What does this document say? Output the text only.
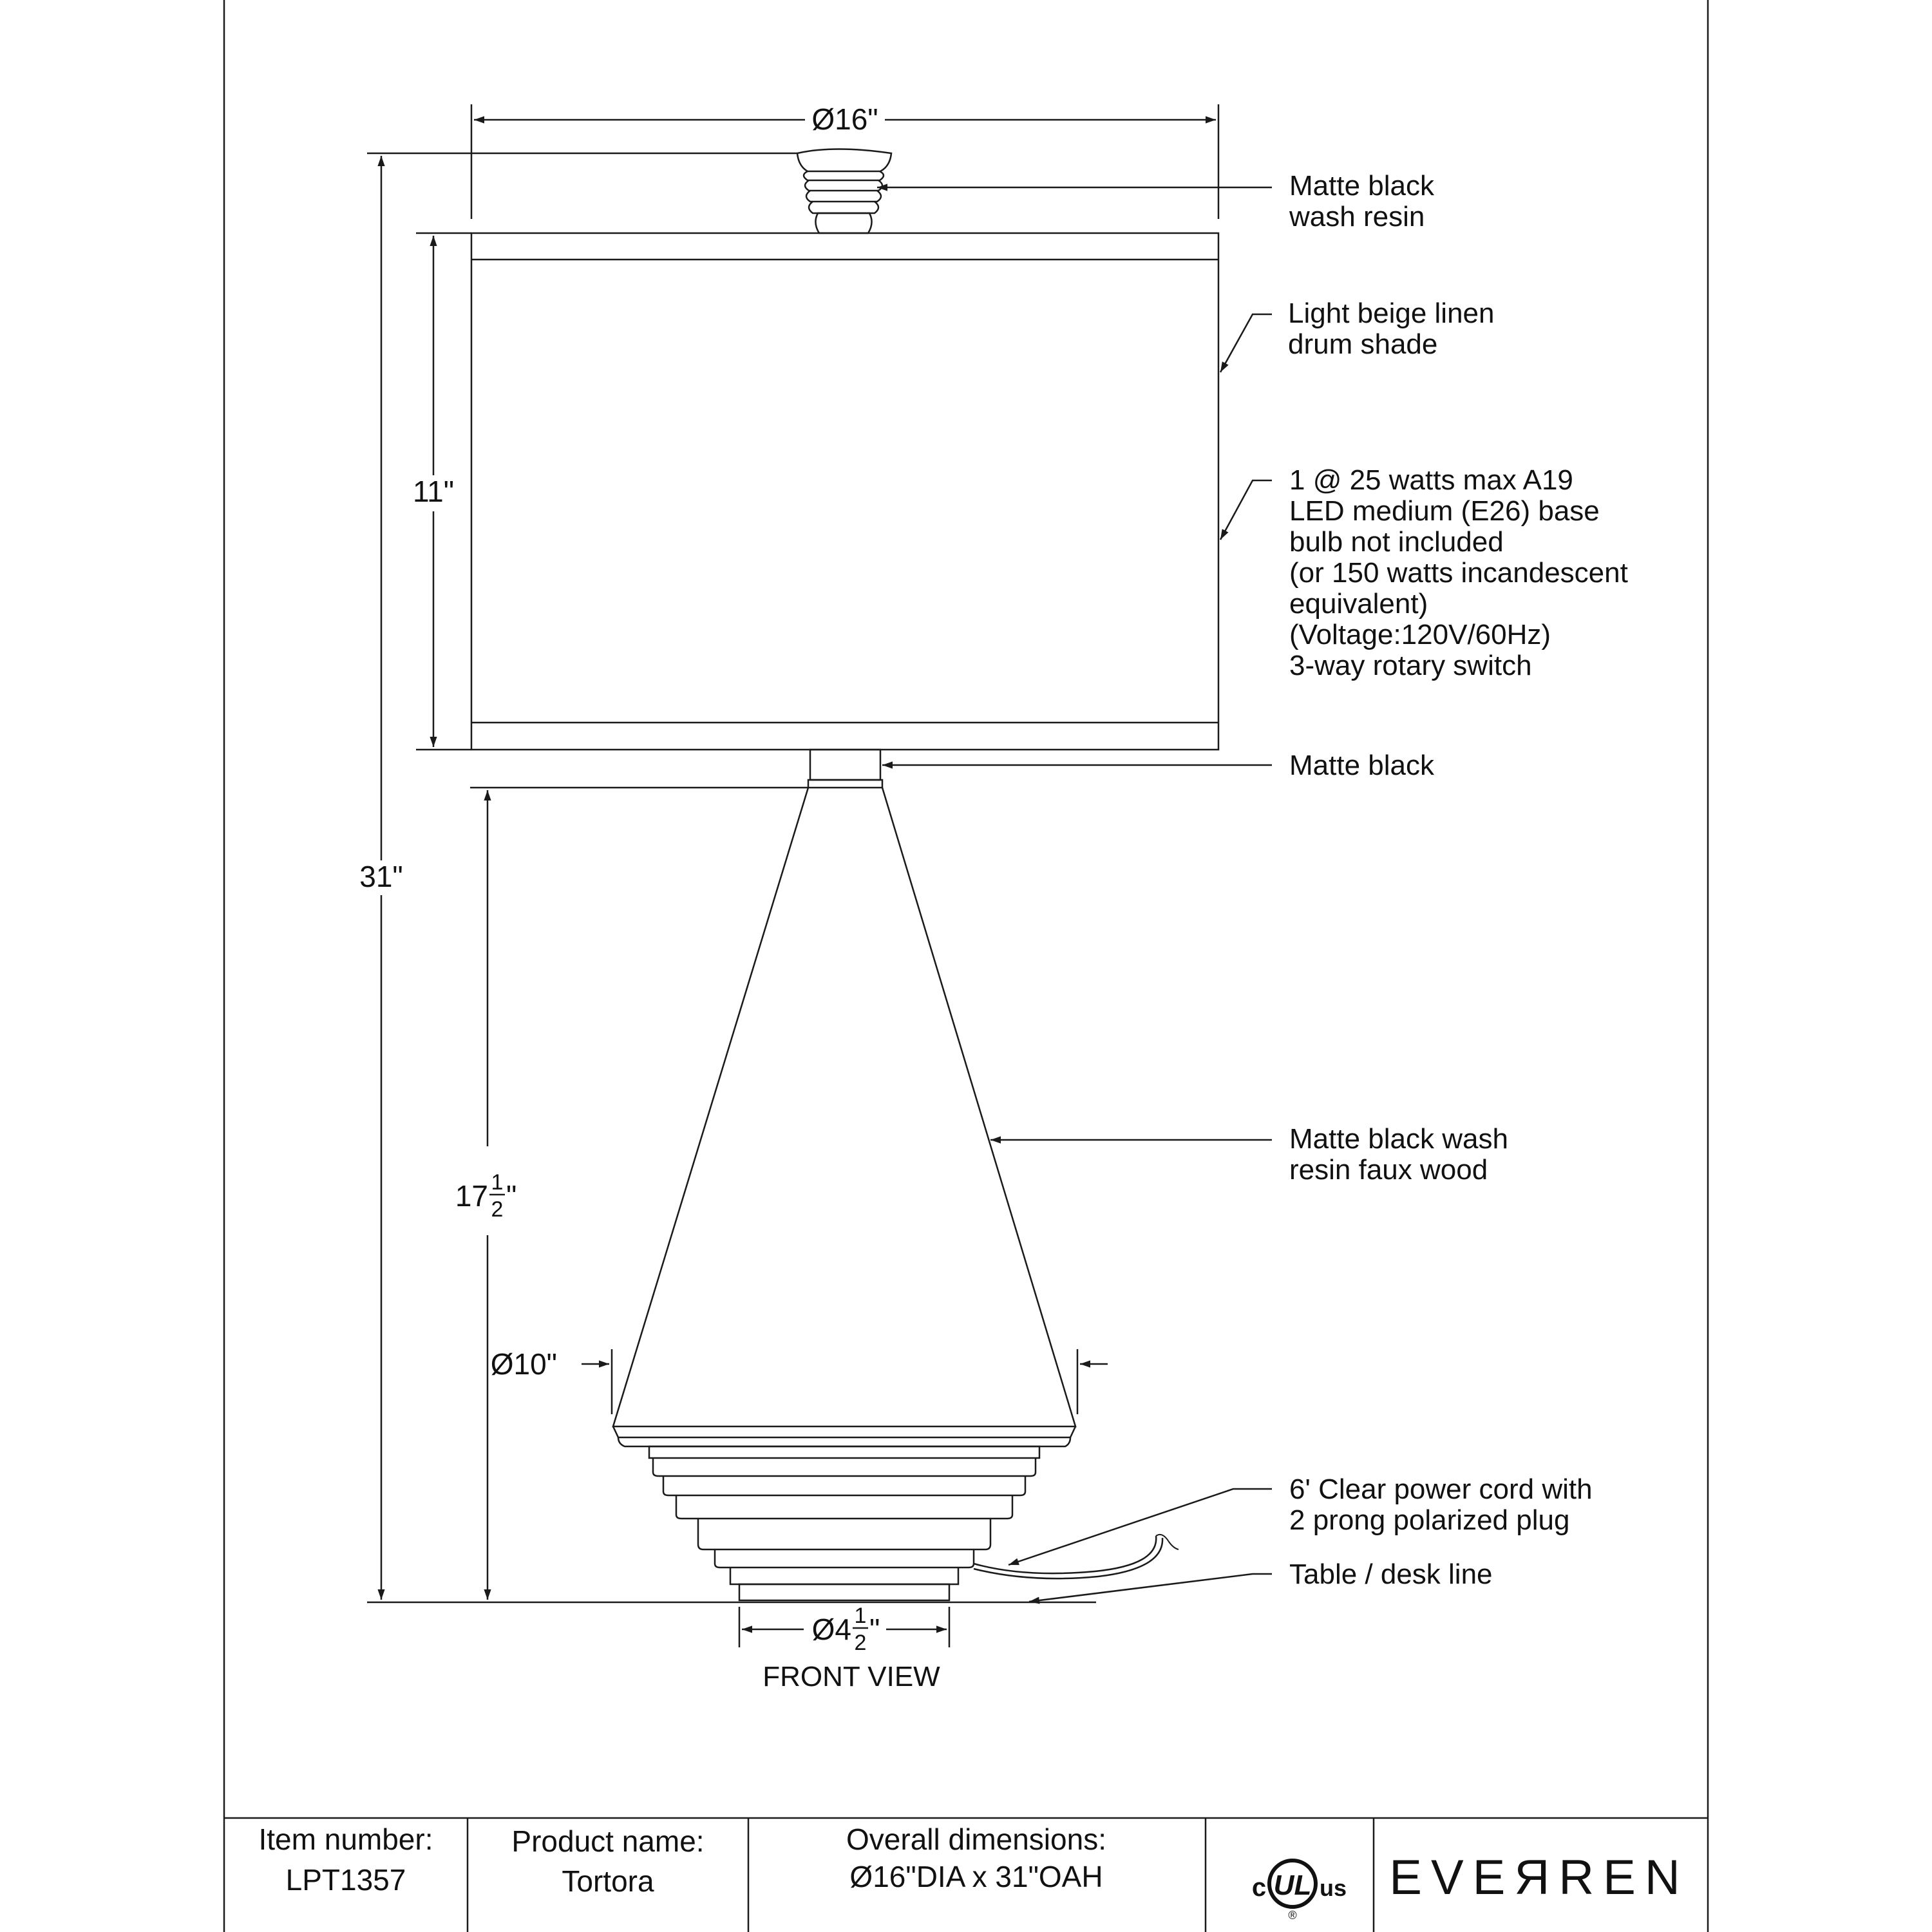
Ø16"
11"
31"
17 1
2 "
Ø10"
Ø4 1
2 "
FRONT VIEW
Matte black
wash resin
Light beige linen
drum shade
1 @ 25 watts max A19
LED medium (E26) base
bulb not included
(or 150 watts incandescent
equivalent)
(Voltage:120V/60Hz)
3-way rotary switch
Matte black
Matte black wash
resin faux wood
6' Clear power cord with
2 prong polarized plug
Table / desk line
Item number:
LPT1357
Product name:
Tortora
Overall dimensions:
Ø16"DIA x 31"OAH	c UL
®
us EVEЯREN
